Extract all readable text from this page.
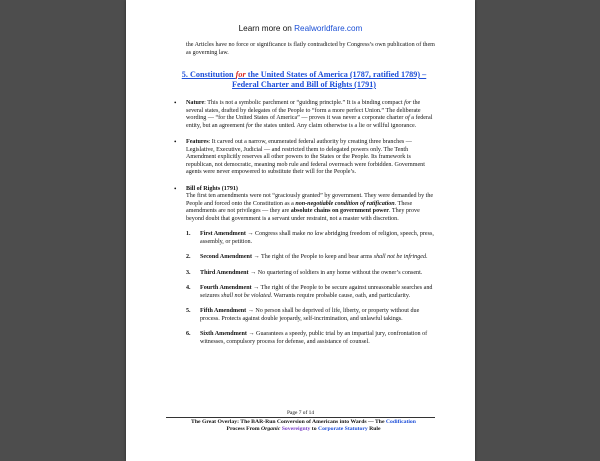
Learn more on Realworldfare.com

the Articles have no force or significance is flatly contradicted by Congress’s own publication of them as governing law.

5. Constitution for the United States of America (1787, ratified 1789) – Federal Charter and Bill of Rights (1791)
• Nature: This is not a symbolic parchment or “guiding principle.” It is a binding compact for the several states, drafted by delegates of the People to “form a more perfect Union.” The deliberate wording — “for the United States of America” — proves it was never a corporate charter of a federal entity, but an agreement for the states united. Any claim otherwise is a lie or willful ignorance.
• Features: It carved out a narrow, enumerated federal authority by creating three branches — Legislative, Executive, Judicial — and restricted them to delegated powers only. The Tenth Amendment explicitly reserves all other powers to the States or the People. Its framework is republican, not democratic, meaning mob rule and federal overreach were forbidden. Government agents were never empowered to substitute their will for the People’s.
• Bill of Rights (1791)
The first ten amendments were not “graciously granted” by government. They were demanded by the People and forced onto the Constitution as a non-negotiable condition of ratification. These amendments are not privileges — they are absolute chains on government power. They prove beyond doubt that government is a servant under restraint, not a master with discretion.
1. First Amendment → Congress shall make no law abridging freedom of religion, speech, press, assembly, or petition.
2. Second Amendment → The right of the People to keep and bear arms shall not be infringed.
3. Third Amendment → No quartering of soldiers in any home without the owner’s consent.
4. Fourth Amendment → The right of the People to be secure against unreasonable searches and seizures shall not be violated. Warrants require probable cause, oath, and particularity.
5. Fifth Amendment → No person shall be deprived of life, liberty, or property without due process. Protects against double jeopardy, self-incrimination, and unlawful takings.
6. Sixth Amendment → Guarantees a speedy, public trial by an impartial jury, confrontation of witnesses, compulsory process for defense, and assistance of counsel.
Page 7 of 14
The Great Overlay: The BAR-Run Conversion of Americans into Wards — The Codification
Process From Organic Sovereignty to Corporate Statutory Rule
